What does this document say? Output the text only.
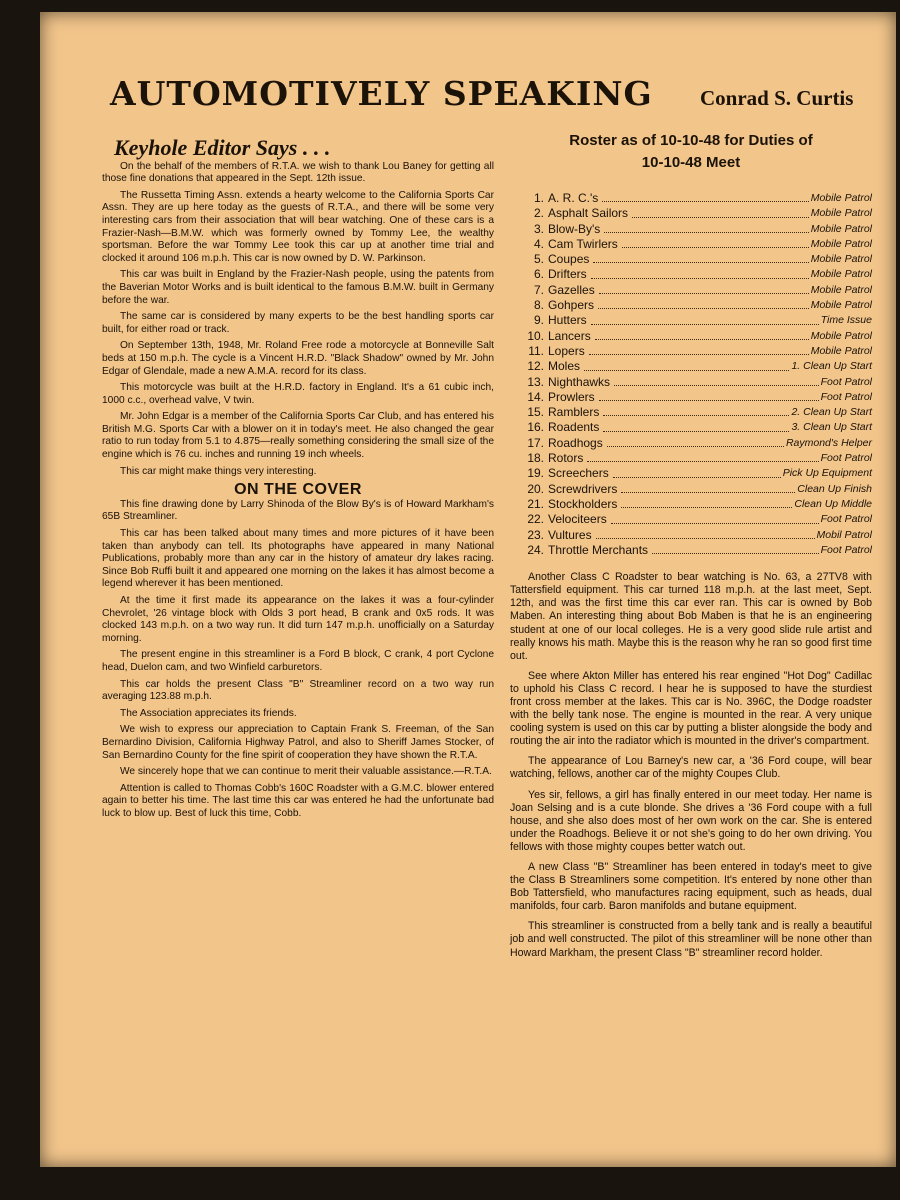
AUTOMOTIVELY SPEAKING Conrad S. Curtis
Keyhole Editor Says . . .

On the behalf of the members of R.T.A. we wish to thank Lou Baney for getting all those fine donations that appeared in the Sept. 12th issue.

The Russetta Timing Assn. extends a hearty welcome to the California Sports Car Assn. They are up here today as the guests of R.T.A., and there will be some very interesting cars from their association that will bear watching. One of these cars is a Frazier-Nash—B.M.W. which was formerly owned by Tommy Lee, the wealthy sportsman. Before the war Tommy Lee took this car up at another time trial and clocked it around 106 m.p.h. This car is now owned by D. W. Parkinson.

This car was built in England by the Frazier-Nash people, using the patents from the Baverian Motor Works and is built identical to the famous B.M.W. built in Germany before the war.

The same car is considered by many experts to be the best handling sports car built, for either road or track.

On September 13th, 1948, Mr. Roland Free rode a motorcycle at Bonneville Salt beds at 150 m.p.h. The cycle is a Vincent H.R.D. "Black Shadow" owned by Mr. John Edgar of Glendale, made a new A.M.A. record for its class.

This motorcycle was built at the H.R.D. factory in England. It's a 61 cubic inch, 1000 c.c., overhead valve, V twin.

Mr. John Edgar is a member of the California Sports Car Club, and has entered his British M.G. Sports Car with a blower on it in today's meet. He also changed the gear ratio to run today from 5.1 to 4.875—really something considering the small size of the engine which is 76 cu. inches and running 19 inch wheels.

This car might make things very interesting.

ON THE COVER

This fine drawing done by Larry Shinoda of the Blow By's is of Howard Markham's 65B Streamliner.

This car has been talked about many times and more pictures of it have been taken than anybody can tell. Its photographs have appeared in many National Publications, probably more than any car in the history of amateur dry lakes racing. Since Bob Ruffi built it and appeared one morning on the lakes it has almost become a legend wherever it has been mentioned.

At the time it first made its appearance on the lakes it was a four-cylinder Chevrolet, '26 vintage block with Olds 3 port head, B crank and 0x5 rods. It was clocked 143 m.p.h. on a two way run. It did turn 147 m.p.h. unofficially on a Saturday morning.

The present engine in this streamliner is a Ford B block, C crank, 4 port Cyclone head, Duelon cam, and two Winfield carburetors.

This car holds the present Class "B" Streamliner record on a two way run averaging 123.88 m.p.h.

The Association appreciates its friends.

We wish to express our appreciation to Captain Frank S. Freeman, of the San Bernardino Division, California Highway Patrol, and also to Sheriff James Stocker, of San Bernardino County for the fine spirit of cooperation they have shown the R.T.A.

We sincerely hope that we can continue to merit their valuable assistance.—R.T.A.

Attention is called to Thomas Cobb's 160C Roadster with a G.M.C. blower entered again to better his time. The last time this car was entered he had the unfortunate bad luck to blow up. Best of luck this time, Cobb.

Roster as of 10-10-48 for Duties of
10-10-48 Meet
1. A. R. C.'s	Mobile Patrol
2. Asphalt Sailors	Mobile Patrol
3. Blow-By's	Mobile Patrol
4. Cam Twirlers	Mobile Patrol
5. Coupes	Mobile Patrol
6. Drifters	Mobile Patrol
7. Gazelles	Mobile Patrol
8. Gohpers	Mobile Patrol
9. Hutters	Time Issue
10. Lancers	Mobile Patrol
11. Lopers	Mobile Patrol
12. Moles	1. Clean Up Start
13. Nighthawks	Foot Patrol
14. Prowlers	Foot Patrol
15. Ramblers	2. Clean Up Start
16. Roadents	3. Clean Up Start
17. Roadhogs	Raymond's Helper
18. Rotors	Foot Patrol
19. Screechers	Pick Up Equipment
20. Screwdrivers	Clean Up Finish
21. Stockholders	Clean Up Middle
22. Velociteers	Foot Patrol
23. Vultures	Mobil Patrol
24. Throttle Merchants	Foot Patrol

Another Class C Roadster to bear watching is No. 63, a 27TV8 with Tattersfield equipment. This car turned 118 m.p.h. at the last meet, Sept. 12th, and was the first time this car ever ran. This car is owned by Bob Maben. An interesting thing about Bob Maben is that he is an engineering student at one of our local colleges. He is a very good slide rule artist and really knows his math. Maybe this is the reason why he ran so good first time out.

See where Akton Miller has entered his rear engined "Hot Dog" Cadillac to uphold his Class C record. I hear he is supposed to have the sturdiest front cross member at the lakes. This car is No. 396C, the Dodge roadster with the belly tank nose. The engine is mounted in the rear. A very unique cooling system is used on this car by putting a blister alongside the body and routing the air into the radiator which is mounted in the driver's compartment.

The appearance of Lou Barney's new car, a '36 Ford coupe, will bear watching, fellows, another car of the mighty Coupes Club.

Yes sir, fellows, a girl has finally entered in our meet today. Her name is Joan Selsing and is a cute blonde. She drives a '36 Ford coupe with a full house, and she also does most of her own work on the car. She is entered under the Roadhogs. Believe it or not she's going to do her own driving. You fellows with those mighty coupes better watch out.

A new Class "B" Streamliner has been entered in today's meet to give the Class B Streamliners some competition. It's entered by none other than Bob Tattersfield, who manufactures racing equipment, such as heads, dual manifolds, four carb. Baron manifolds and butane equipment.

This streamliner is constructed from a belly tank and is really a beautiful job and well constructed. The pilot of this streamliner will be none other than Howard Markham, the present Class "B" streamliner record holder.
